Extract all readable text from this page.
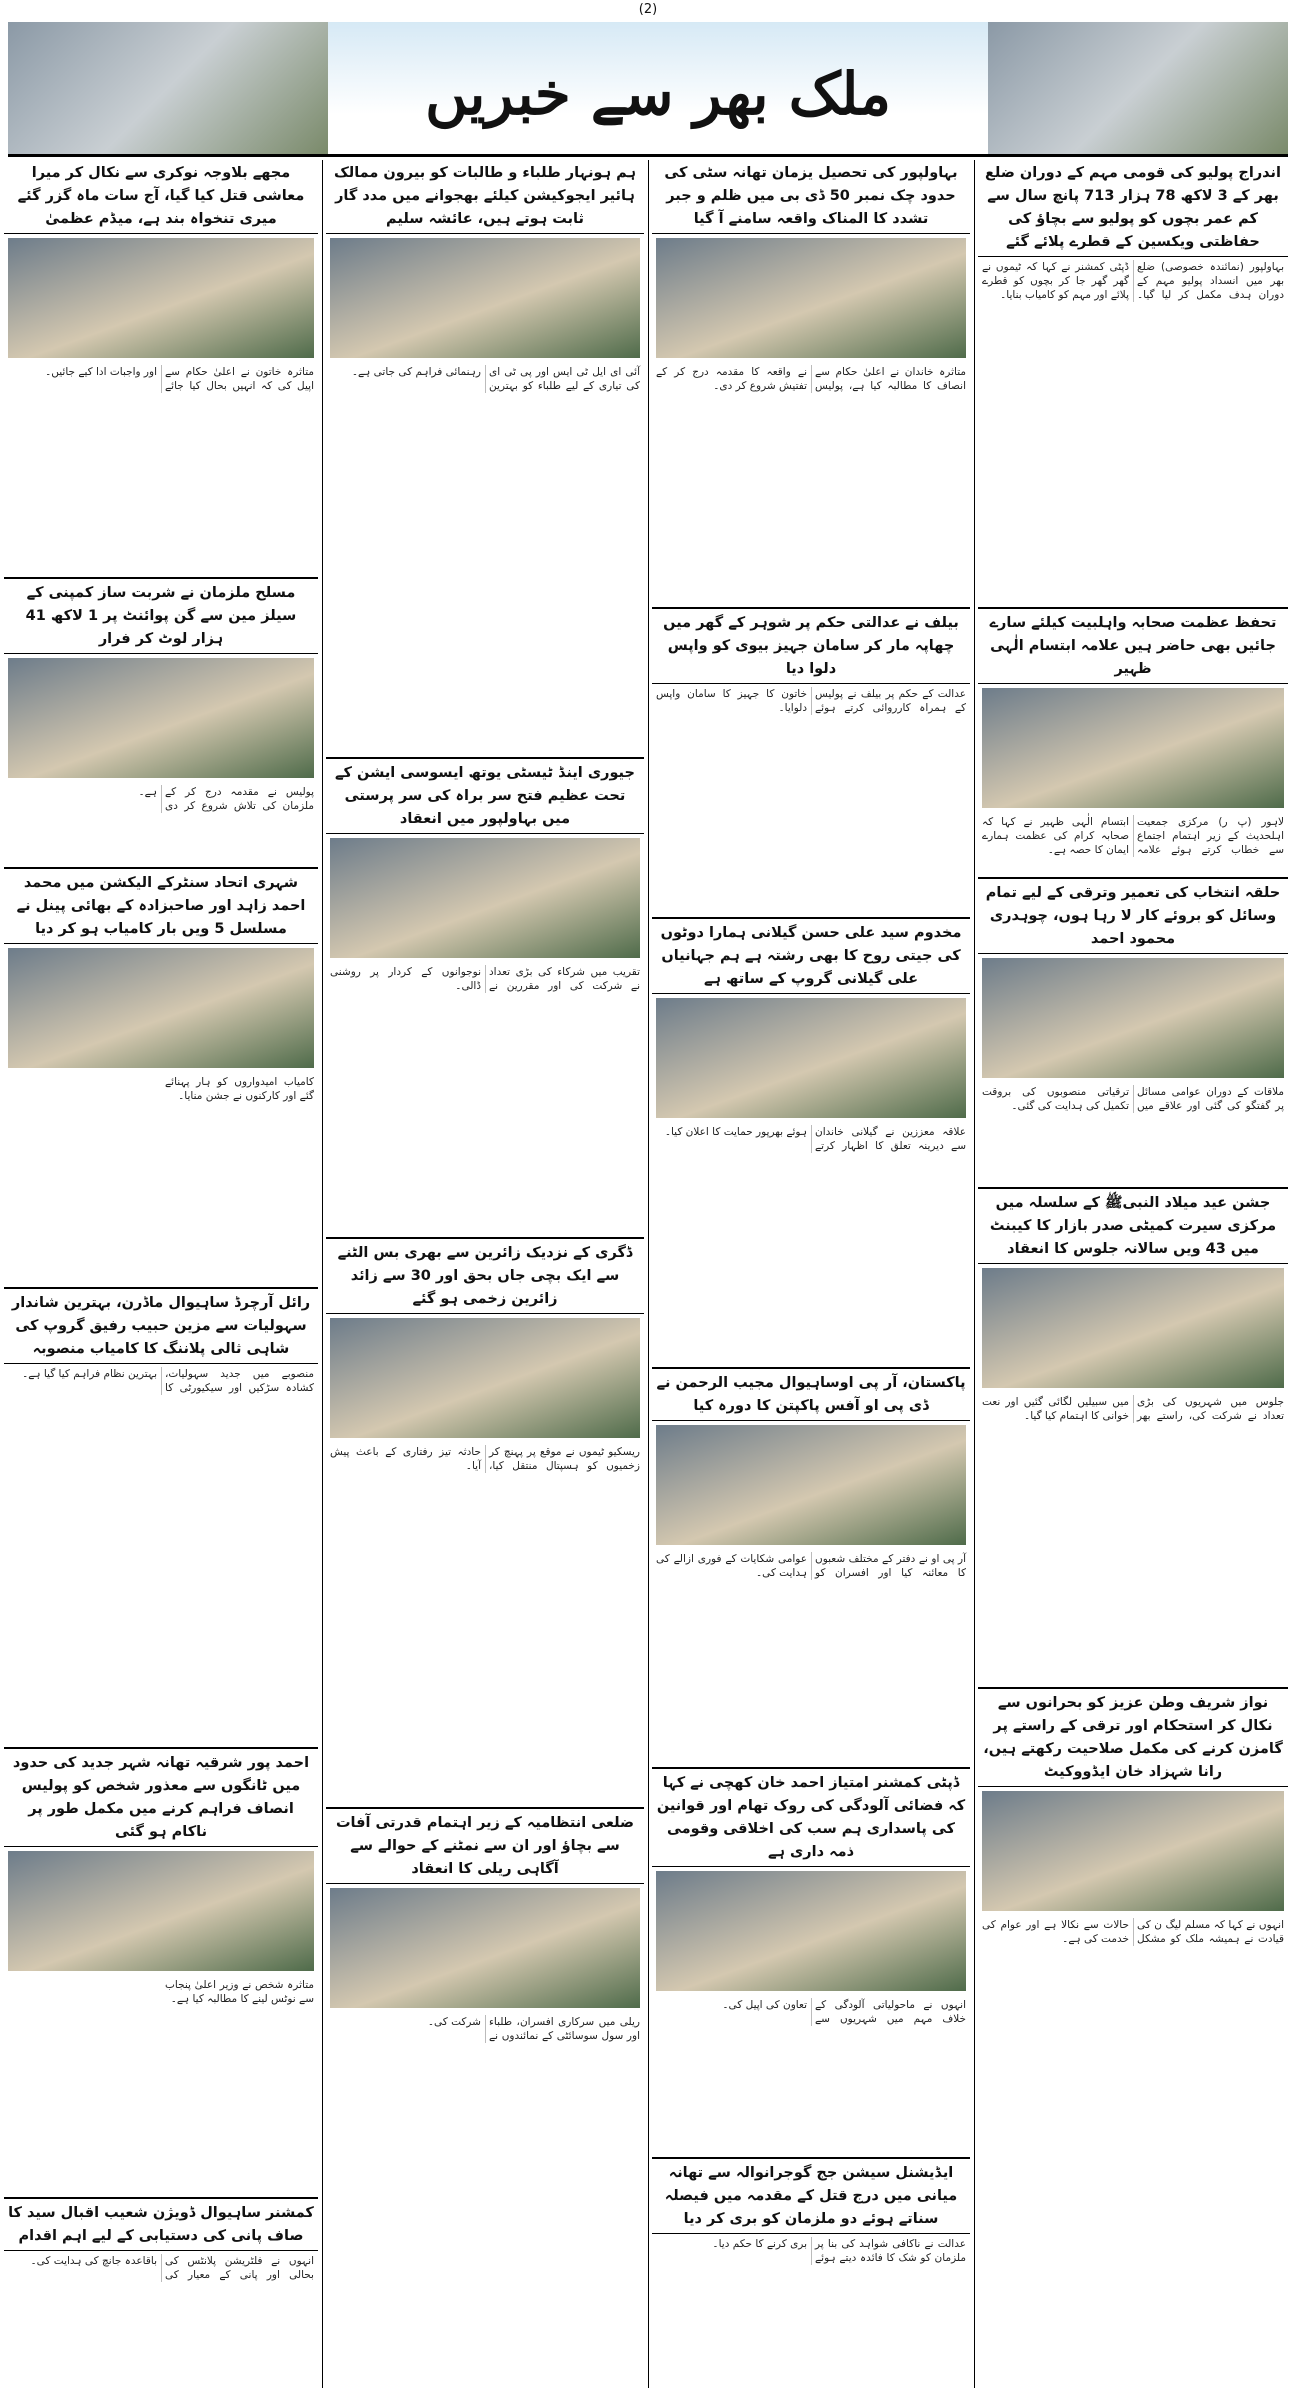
(2)
ملک بھر سے خبریں
اندراج پولیو کی قومی مہم کے دوران ضلع بھر کے 3 لاکھ 78 ہزار 713 پانچ سال سے کم عمر بچوں کو پولیو سے بچاؤ کی حفاظتی ویکسین کے قطرے پلائے گئے
بہاولپور (نمائندہ خصوصی) ضلع بھر میں انسداد پولیو مہم کے دوران ہدف مکمل کر لیا گیا۔ ڈپٹی کمشنر نے کہا کہ ٹیموں نے گھر گھر جا کر بچوں کو قطرے پلائے اور مہم کو کامیاب بنایا۔
تحفظ عظمت صحابہ واہلبیت کیلئے سارے جائیں بھی حاضر ہیں علامہ ابتسام الٰہی ظہیر
لاہور (پ ر) مرکزی جمعیت اہلحدیث کے زیر اہتمام اجتماع سے خطاب کرتے ہوئے علامہ ابتسام الٰہی ظہیر نے کہا کہ صحابہ کرام کی عظمت ہمارے ایمان کا حصہ ہے۔
حلقہ انتخاب کی تعمیر وترقی کے لیے تمام وسائل کو بروئے کار لا رہا ہوں، چوہدری محمود احمد
ملاقات کے دوران عوامی مسائل پر گفتگو کی گئی اور علاقے میں ترقیاتی منصوبوں کی بروقت تکمیل کی ہدایت کی گئی۔
جشن عید میلاد النبیﷺ کے سلسلہ میں مرکزی سیرت کمیٹی صدر بازار کا کیبنٹ میں 43 ویں سالانہ جلوس کا انعقاد
جلوس میں شہریوں کی بڑی تعداد نے شرکت کی، راستے بھر میں سبیلیں لگائی گئیں اور نعت خوانی کا اہتمام کیا گیا۔
نواز شریف وطن عزیز کو بحرانوں سے نکال کر استحکام اور ترقی کے راستے پر گامزن کرنے کی مکمل صلاحیت رکھتے ہیں، رانا شہزاد خان ایڈووکیٹ
انہوں نے کہا کہ مسلم لیگ ن کی قیادت نے ہمیشہ ملک کو مشکل حالات سے نکالا ہے اور عوام کی خدمت کی ہے۔
بہاولپور کی تحصیل یزمان تھانہ سٹی کی حدود چک نمبر 50 ڈی بی میں ظلم و جبر تشدد کا المناک واقعہ سامنے آ گیا
متاثرہ خاندان نے اعلیٰ حکام سے انصاف کا مطالبہ کیا ہے، پولیس نے واقعہ کا مقدمہ درج کر کے تفتیش شروع کر دی۔
بیلف نے عدالتی حکم پر شوہر کے گھر میں چھاپہ مار کر سامان جہیز بیوی کو واپس دلوا دیا
عدالت کے حکم پر بیلف نے پولیس کے ہمراہ کارروائی کرتے ہوئے خاتون کا جہیز کا سامان واپس دلوایا۔
مخدوم سید علی حسن گیلانی ہمارا دوٹوں کی جیتی روح کا بھی رشتہ ہے ہم جہانیاں علی گیلانی گروپ کے ساتھ ہے
علاقہ معززین نے گیلانی خاندان سے دیرینہ تعلق کا اظہار کرتے ہوئے بھرپور حمایت کا اعلان کیا۔
پاکستان، آر پی اوساہیوال مجیب الرحمن نے ڈی پی او آفس پاکپتن کا دورہ کیا
آر پی او نے دفتر کے مختلف شعبوں کا معائنہ کیا اور افسران کو عوامی شکایات کے فوری ازالے کی ہدایت کی۔
ڈپٹی کمشنر امتیاز احمد خان کھچی نے کہا کہ فضائی آلودگی کی روک تھام اور قوانین کی پاسداری ہم سب کی اخلاقی وقومی ذمہ داری ہے
انہوں نے ماحولیاتی آلودگی کے خلاف مہم میں شہریوں سے تعاون کی اپیل کی۔
ایڈیشنل سیشن جج گوجرانوالہ سے تھانہ میانی میں درج قتل کے مقدمہ میں فیصلہ سناتے ہوئے دو ملزمان کو بری کر دیا
عدالت نے ناکافی شواہد کی بنا پر ملزمان کو شک کا فائدہ دیتے ہوئے بری کرنے کا حکم دیا۔
ہم ہونہار طلباء و طالبات کو بیرون ممالک ہائیر ایجوکیشن کیلئے بھجوانے میں مدد گار ثابت ہوتے ہیں، عائشہ سلیم
آئی ای ایل ٹی ایس اور پی ٹی ای کی تیاری کے لیے طلباء کو بہترین رہنمائی فراہم کی جاتی ہے۔
جیوری اینڈ ٹیسٹی یوتھ ایسوسی ایشن کے تحت عظیم فتح سر براہ کی سر پرستی میں بہاولپور میں انعقاد
تقریب میں شرکاء کی بڑی تعداد نے شرکت کی اور مقررین نے نوجوانوں کے کردار پر روشنی ڈالی۔
ڈگری کے نزدیک زائرین سے بھری بس الٹنے سے ایک بچی جاں بحق اور 30 سے زائد زائرین زخمی ہو گئے
ریسکیو ٹیموں نے موقع پر پہنچ کر زخمیوں کو ہسپتال منتقل کیا، حادثہ تیز رفتاری کے باعث پیش آیا۔
ضلعی انتظامیہ کے زیر اہتمام قدرتی آفات سے بچاؤ اور ان سے نمٹنے کے حوالے سے آگاہی ریلی کا انعقاد
ریلی میں سرکاری افسران، طلباء اور سول سوسائٹی کے نمائندوں نے شرکت کی۔
مجھے بلاوجہ نوکری سے نکال کر میرا معاشی قتل کیا گیا، آج سات ماہ گزر گئے میری تنخواہ بند ہے، میڈم عظمیٰ
متاثرہ خاتون نے اعلیٰ حکام سے اپیل کی کہ انہیں بحال کیا جائے اور واجبات ادا کیے جائیں۔
مسلح ملزمان نے شربت ساز کمپنی کے سیلز مین سے گن پوائنٹ پر 1 لاکھ 41 ہزار لوٹ کر فرار
پولیس نے مقدمہ درج کر کے ملزمان کی تلاش شروع کر دی ہے۔
شہری اتحاد سنٹرکے الیکشن میں محمد احمد زاہد اور صاحبزادہ کے بھائی پینل نے مسلسل 5 ویں بار کامیاب ہو کر دیا
کامیاب امیدواروں کو ہار پہنائے گئے اور کارکنوں نے جشن منایا۔
رائل آرچرڈ ساہیوال ماڈرن، بہترین شاندار سہولیات سے مزین حبیب رفیق گروپ کی شاہی ثالی پلاننگ کا کامیاب منصوبہ
منصوبے میں جدید سہولیات، کشادہ سڑکیں اور سیکیورٹی کا بہترین نظام فراہم کیا گیا ہے۔
احمد پور شرقیہ تھانہ شہر جدید کی حدود میں ٹانگوں سے معذور شخص کو پولیس انصاف فراہم کرنے میں مکمل طور پر ناکام ہو گئی
متاثرہ شخص نے وزیر اعلیٰ پنجاب سے نوٹس لینے کا مطالبہ کیا ہے۔
کمشنر ساہیوال ڈویژن شعیب اقبال سید کا صاف پانی کی دستیابی کے لیے اہم اقدام
انہوں نے فلٹریشن پلانٹس کی بحالی اور پانی کے معیار کی باقاعدہ جانچ کی ہدایت کی۔
